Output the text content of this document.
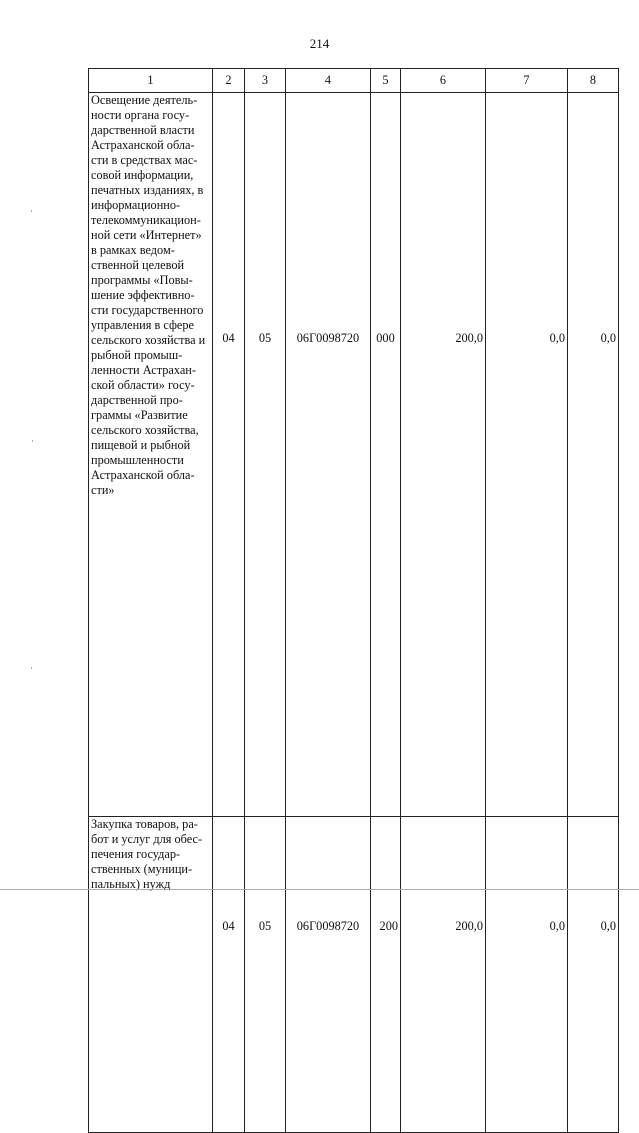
214
1	2	3	4	5	6	7	8
Освещение деятель-ности органа госу-дарственной власти Астраханской обла-сти в средствах мас-совой информации, печатных изданиях, в информационно-телекоммуникацион-ной сети «Интернет» в рамках ведом-ственной целевой программы «Повы-шение эффективно-сти государственного управления в сфере сельского хозяйства и рыбной промыш-ленности Астрахан-ской области» госу-дарственной про-граммы «Развитие сельского хозяйства, пищевой и рыбной промышленности Астраханской обла-сти»	04	05	06Г0098720	000	200,0	0,0	0,0
Закупка товаров, ра-бот и услуг для обес-печения государ-ственных (муници-пальных) нужд	04	05	06Г0098720	200	200,0	0,0	0,0
·
·
·
